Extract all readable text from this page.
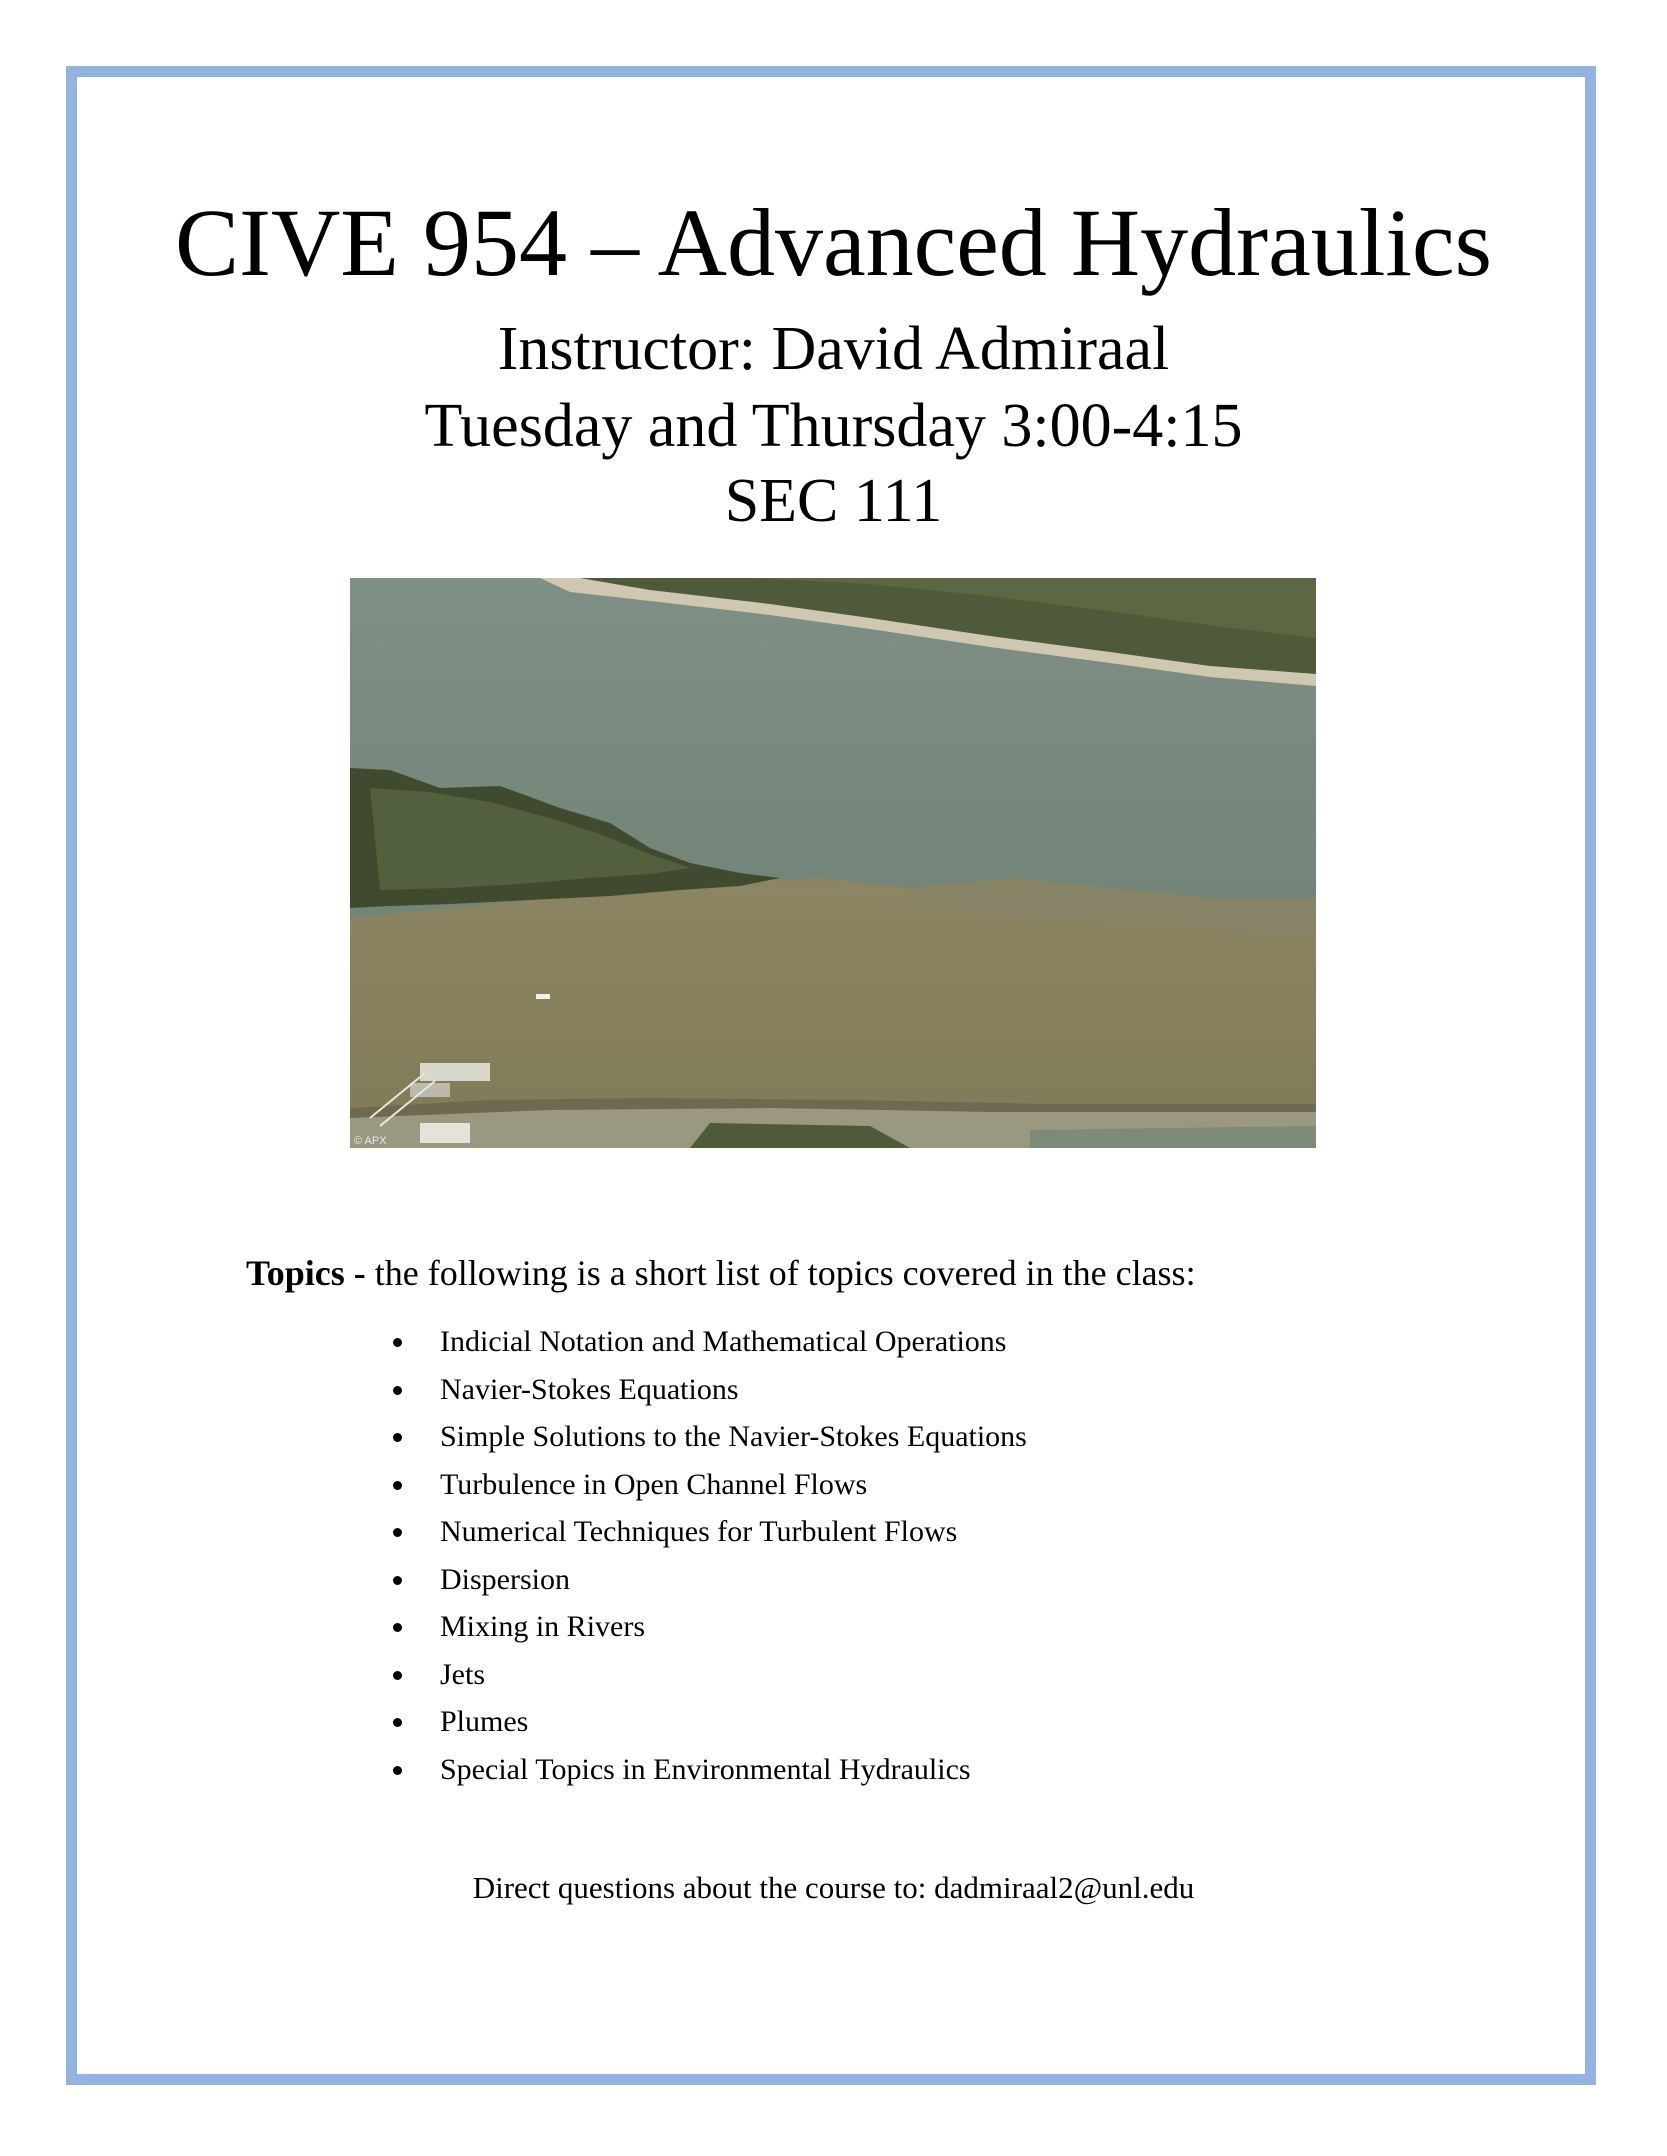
CIVE 954 – Advanced Hydraulics
Instructor: David Admiraal
Tuesday and Thursday 3:00-4:15
SEC 111
© APX
Topics - the following is a short list of topics covered in the class:
Indicial Notation and Mathematical Operations
Navier-Stokes Equations
Simple Solutions to the Navier-Stokes Equations
Turbulence in Open Channel Flows
Numerical Techniques for Turbulent Flows
Dispersion
Mixing in Rivers
Jets
Plumes
Special Topics in Environmental Hydraulics
Direct questions about the course to: dadmiraal2@unl.edu
